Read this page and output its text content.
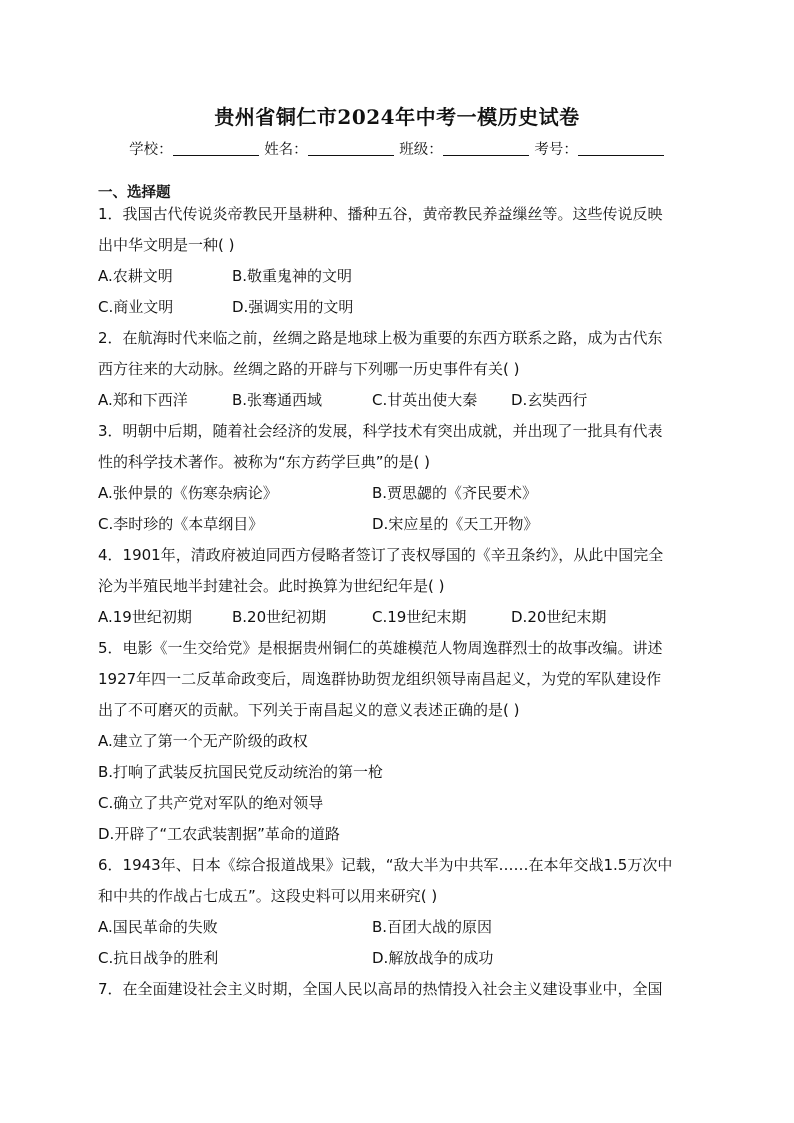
贵州省铜仁市2024年中考一模历史试卷
学校：	姓名：	班级：	考号：
一、选择题
1．我国古代传说炎帝教民开垦耕种、播种五谷，黄帝教民养益缫丝等。这些传说反映
出中华文明是一种( )
A.农耕文明	B.敬重鬼神的文明
C.商业文明	D.强调实用的文明
2．在航海时代来临之前，丝绸之路是地球上极为重要的东西方联系之路，成为古代东
西方往来的大动脉。丝绸之路的开辟与下列哪一历史事件有关( )
A.郑和下西洋	B.张骞通西域	C.甘英出使大秦 D.玄奘西行
3．明朝中后期，随着社会经济的发展，科学技术有突出成就，并出现了一批具有代表
性的科学技术著作。被称为“东方药学巨典”的是( )
A.张仲景的《伤寒杂病论》	B.贾思勰的《齐民要术》
C.李时珍的《本草纲目》	D.宋应星的《天工开物》
4．1901年，清政府被迫同西方侵略者签订了丧权辱国的《辛丑条约》，从此中国完全
沦为半殖民地半封建社会。此时换算为世纪纪年是( )
A.19世纪初期	B.20世纪初期	C.19世纪末期	D.20世纪末期
5．电影《一生交给党》是根据贵州铜仁的英雄模范人物周逸群烈士的故事改编。讲述
1927年四一二反革命政变后，周逸群协助贺龙组织领导南昌起义，为党的军队建设作
出了不可磨灭的贡献。下列关于南昌起义的意义表述正确的是( )
A.建立了第一个无产阶级的政权
B.打响了武装反抗国民党反动统治的第一枪
C.确立了共产党对军队的绝对领导
D.开辟了“工农武装割据”革命的道路
6．1943年、日本《综合报道战果》记载，“敌大半为中共军……在本年交战1.5万次中
和中共的作战占七成五”。这段史料可以用来研究( )
A.国民革命的失败	B.百团大战的原因
C.抗日战争的胜利	D.解放战争的成功
7．在全面建设社会主义时期，全国人民以高昂的热情投入社会主义建设事业中，全国
